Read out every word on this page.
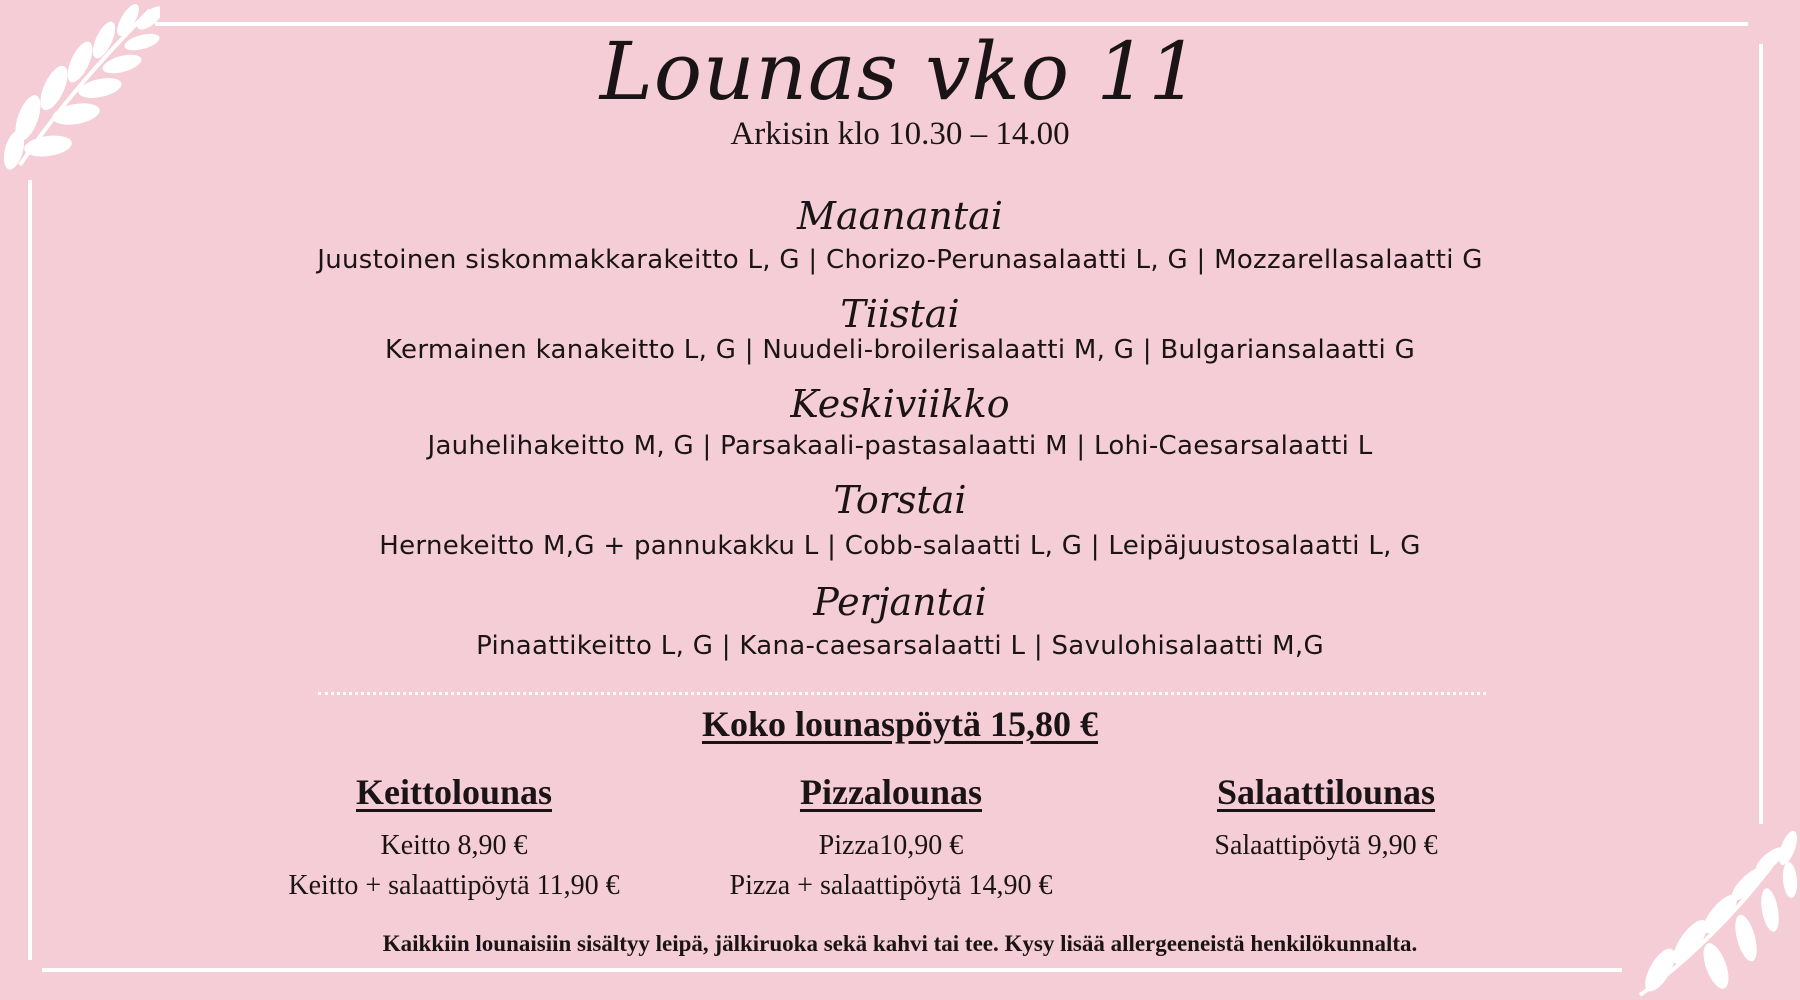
Lounas vko 11
Arkisin klo 10.30 – 14.00
Maanantai
Juustoinen siskonmakkarakeitto L, G | Chorizo-Perunasalaatti L, G | Mozzarellasalaatti G
Tiistai
Kermainen kanakeitto L, G | Nuudeli-broilerisalaatti M, G | Bulgariansalaatti G
Keskiviikko
Jauhelihakeitto M, G | Parsakaali-pastasalaatti M | Lohi-Caesarsalaatti L
Torstai
Hernekeitto M,G + pannukakku L | Cobb-salaatti L, G | Leipäjuustosalaatti L, G
Perjantai
Pinaattikeitto L, G | Kana-caesarsalaatti L | Savulohisalaatti M,G
Koko lounaspöytä 15,80 €
Keittolounas
Keitto 8,90 €
Keitto + salaattipöytä 11,90 €
Pizzalounas
Pizza10,90 €
Pizza + salaattipöytä 14,90 €
Salaattilounas
Salaattipöytä 9,90 €
Kaikkiin lounaisiin sisältyy leipä, jälkiruoka sekä kahvi tai tee. Kysy lisää allergeeneistä henkilökunnalta.
